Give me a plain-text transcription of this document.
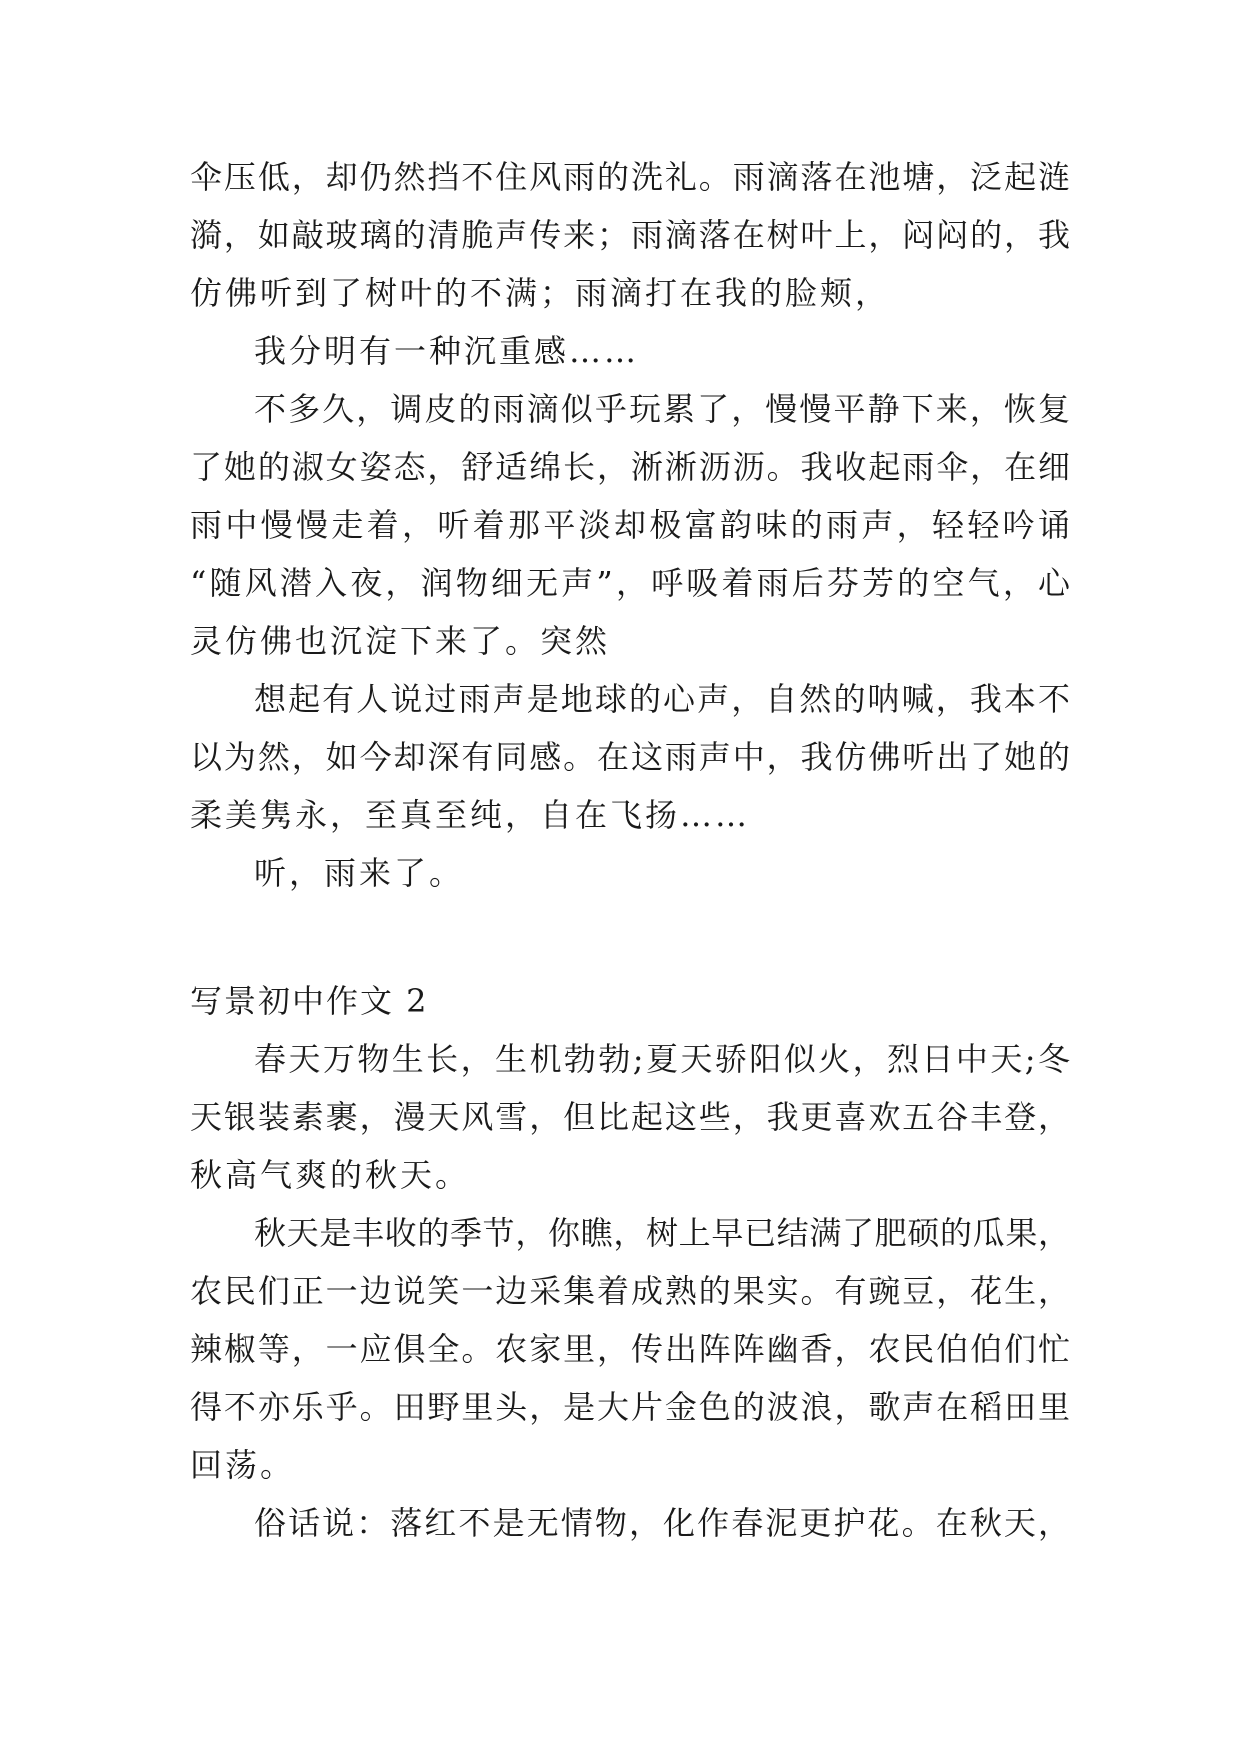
伞压低，却仍然挡不住风雨的洗礼。雨滴落在池塘，泛起涟
漪，如敲玻璃的清脆声传来；雨滴落在树叶上，闷闷的，我
仿佛听到了树叶的不满；雨滴打在我的脸颊，
我分明有一种沉重感……
不多久，调皮的雨滴似乎玩累了，慢慢平静下来，恢复
了她的淑女姿态，舒适绵长，淅淅沥沥。我收起雨伞，在细
雨中慢慢走着，听着那平淡却极富韵味的雨声，轻轻吟诵
“随风潜入夜，润物细无声”，呼吸着雨后芬芳的空气，心
灵仿佛也沉淀下来了。突然
想起有人说过雨声是地球的心声，自然的呐喊，我本不
以为然，如今却深有同感。在这雨声中，我仿佛听出了她的
柔美隽永，至真至纯，自在飞扬……
听，雨来了。
写景初中作文 2
春天万物生长，生机勃勃;夏天骄阳似火，烈日中天;冬
天银装素裹，漫天风雪，但比起这些，我更喜欢五谷丰登，
秋高气爽的秋天。
秋天是丰收的季节，你瞧，树上早已结满了肥硕的瓜果，
农民们正一边说笑一边采集着成熟的果实。有豌豆，花生，
辣椒等，一应俱全。农家里，传出阵阵幽香，农民伯伯们忙
得不亦乐乎。田野里头，是大片金色的波浪，歌声在稻田里
回荡。
俗话说：落红不是无情物，化作春泥更护花。在秋天，
